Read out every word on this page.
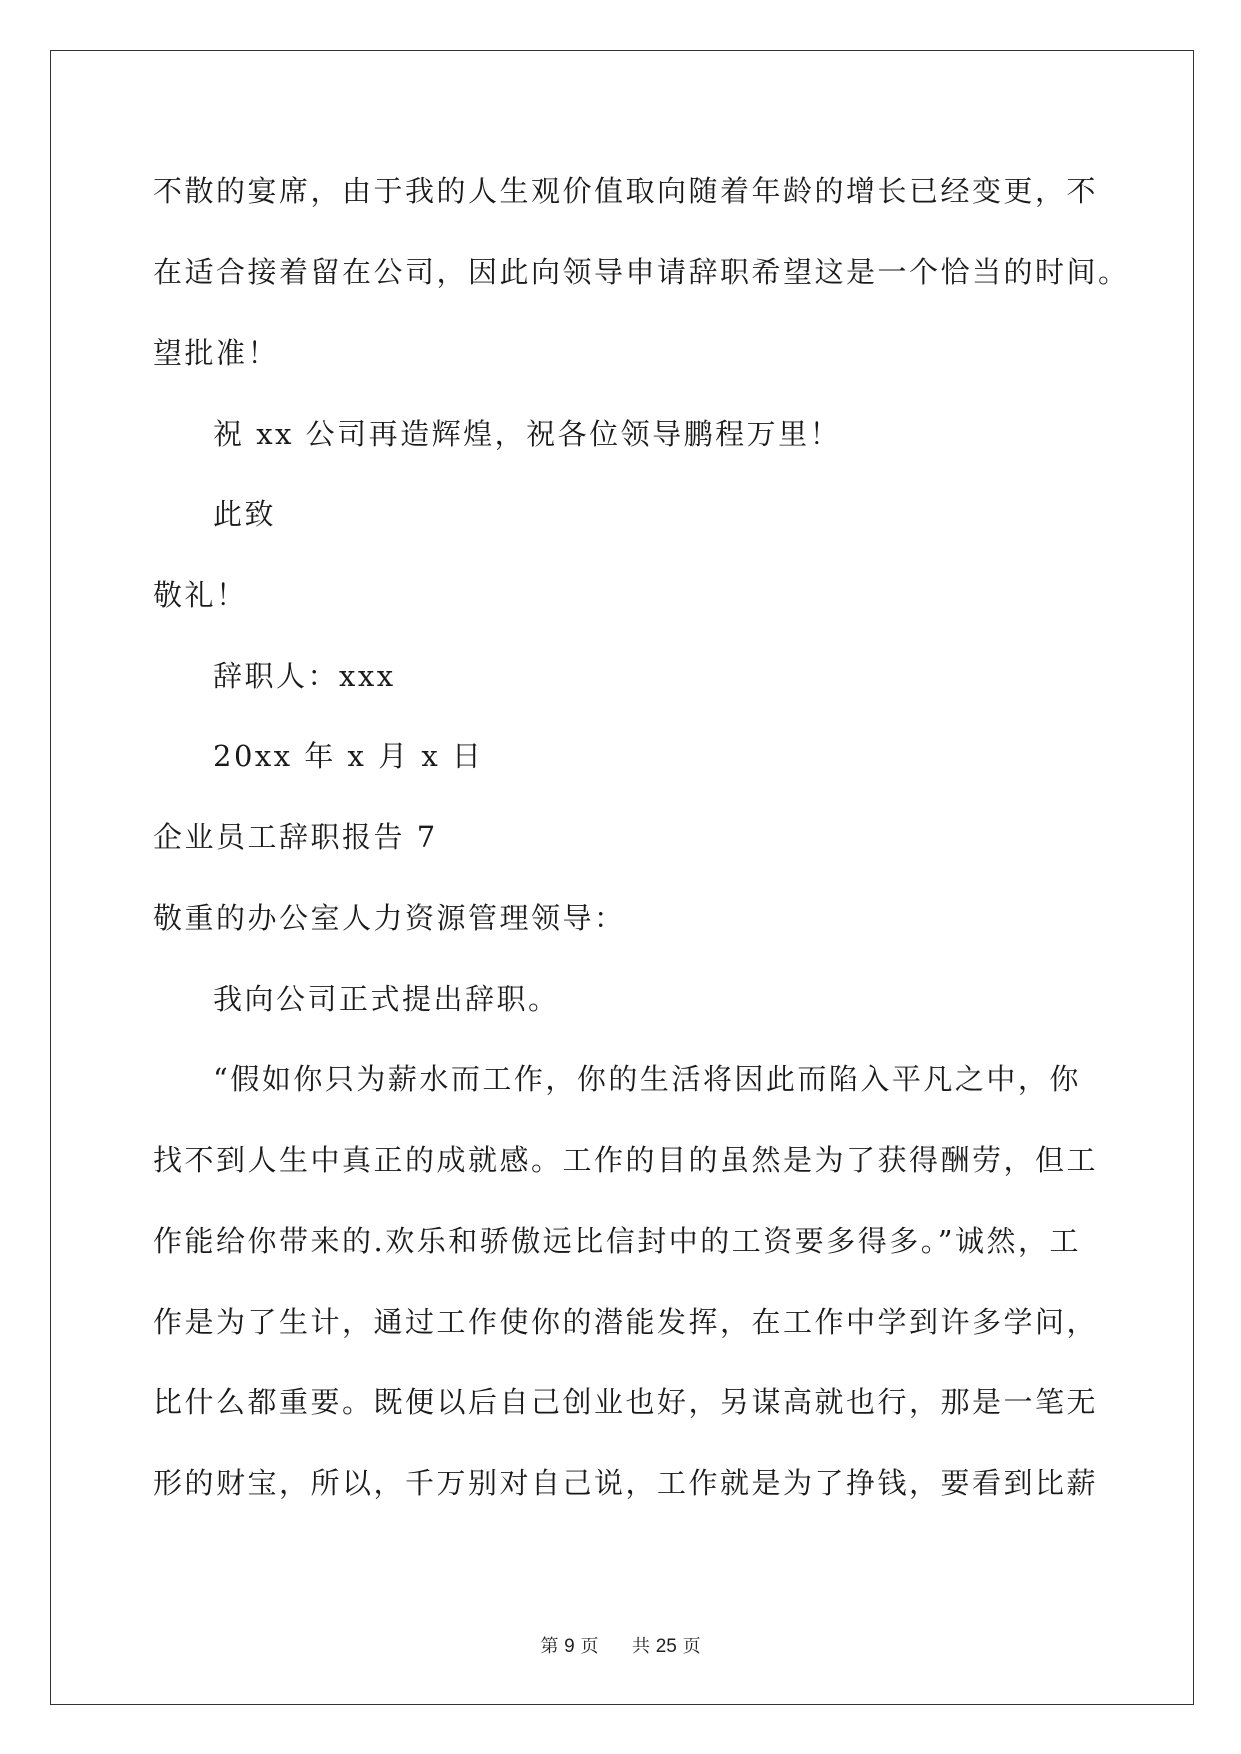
不散的宴席，由于我的人生观价值取向随着年龄的增长已经变更，不
在适合接着留在公司，因此向领导申请辞职希望这是一个恰当的时间。
望批准！
祝 xx 公司再造辉煌，祝各位领导鹏程万里！
此致
敬礼！
辞职人：xxx
20xx 年 x 月 x 日
企业员工辞职报告 7
敬重的办公室人力资源管理领导：
我向公司正式提出辞职。
“假如你只为薪水而工作，你的生活将因此而陷入平凡之中，你
找不到人生中真正的成就感。工作的目的虽然是为了获得酬劳，但工
作能给你带来的.欢乐和骄傲远比信封中的工资要多得多。”诚然，工
作是为了生计，通过工作使你的潜能发挥，在工作中学到许多学问，
比什么都重要。既便以后自己创业也好，另谋高就也行，那是一笔无
形的财宝，所以，千万别对自己说，工作就是为了挣钱，要看到比薪
第 9 页 共 25 页
